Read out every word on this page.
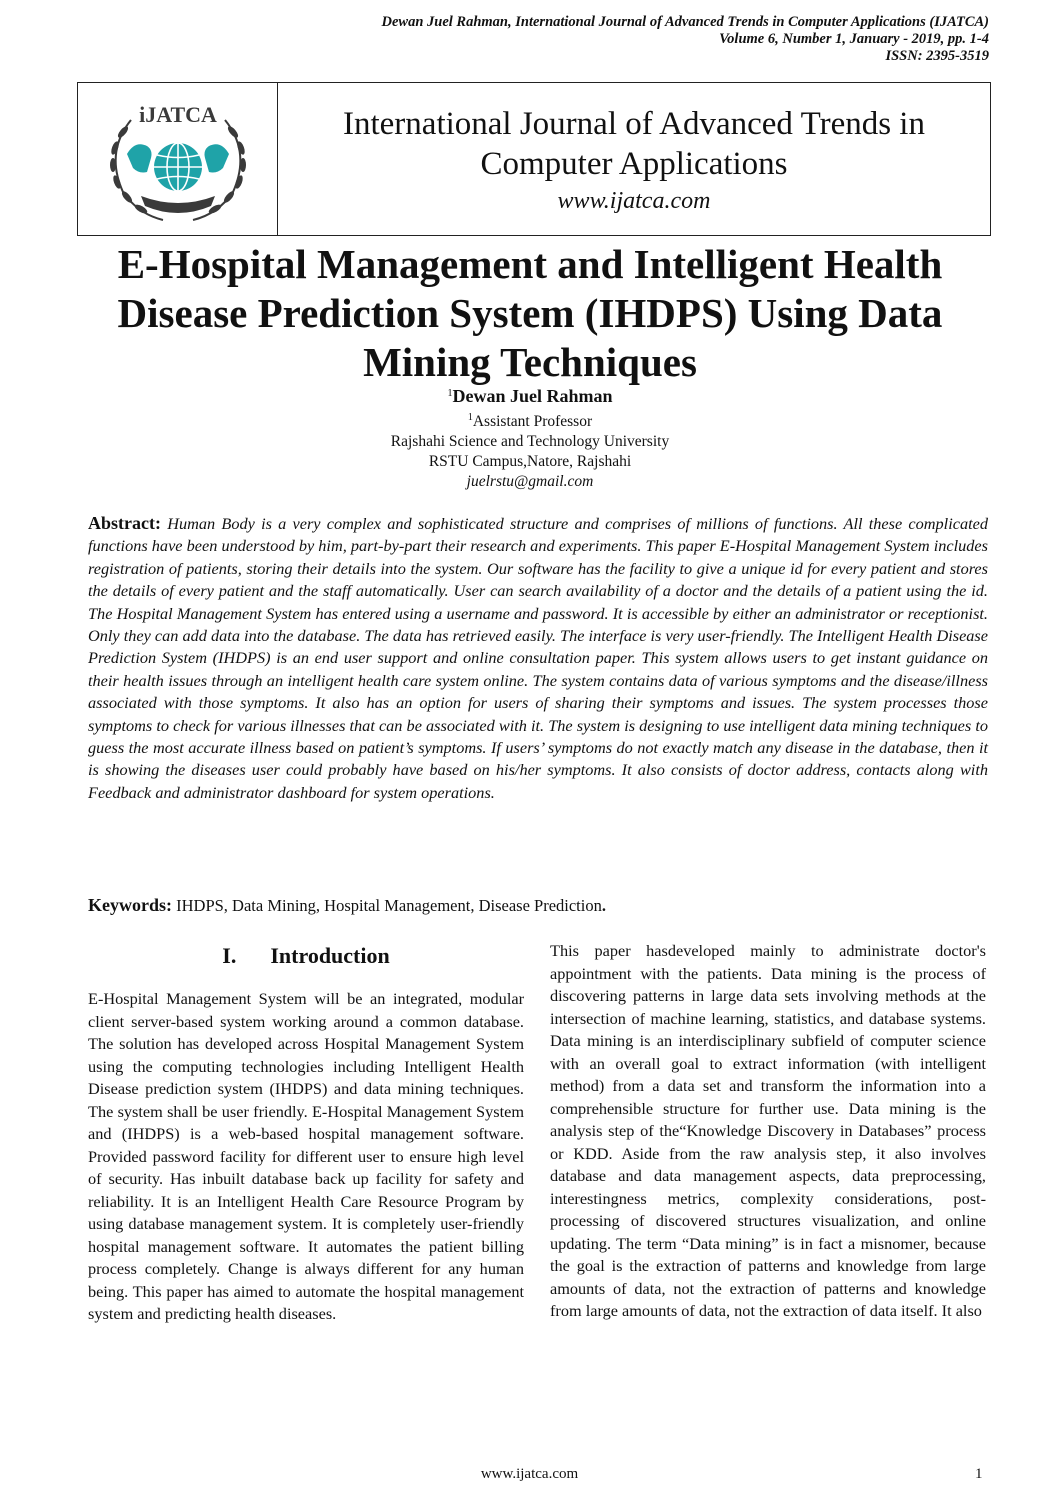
Dewan Juel Rahman, International Journal of Advanced Trends in Computer Applications (IJATCA)
Volume 6, Number 1, January - 2019, pp. 1-4
ISSN: 2395-3519
iJATCA	International Journal of Advanced Trends in Computer Applications
www.ijatca.com
E-Hospital Management and Intelligent Health Disease Prediction System (IHDPS) Using Data Mining Techniques
$^1$Dewan Juel Rahman
$^1$Assistant Professor
Rajshahi Science and Technology University
RSTU Campus,Natore, Rajshahi
juelrstu@gmail.com
Abstract: Human Body is a very complex and sophisticated structure and comprises of millions of functions. All these complicated functions have been understood by him, part-by-part their research and experiments. This paper E-Hospital Management System includes registration of patients, storing their details into the system. Our software has the facility to give a unique id for every patient and stores the details of every patient and the staff automatically. User can search availability of a doctor and the details of a patient using the id. The Hospital Management System has entered using a username and password. It is accessible by either an administrator or receptionist. Only they can add data into the database. The data has retrieved easily. The interface is very user-friendly. The Intelligent Health Disease Prediction System (IHDPS) is an end user support and online consultation paper. This system allows users to get instant guidance on their health issues through an intelligent health care system online. The system contains data of various symptoms and the disease/illness associated with those symptoms. It also has an option for users of sharing their symptoms and issues. The system processes those symptoms to check for various illnesses that can be associated with it. The system is designing to use intelligent data mining techniques to guess the most accurate illness based on patient’s symptoms. If users’ symptoms do not exactly match any disease in the database, then it is showing the diseases user could probably have based on his/her symptoms. It also consists of doctor address, contacts along with Feedback and administrator dashboard for system operations.
Keywords: IHDPS, Data Mining, Hospital Management, Disease Prediction.
I. Introduction
E-Hospital Management System will be an integrated, modular client server-based system working around a common database. The solution has developed across Hospital Management System using the computing technologies including Intelligent Health Disease prediction system (IHDPS) and data mining techniques. The system shall be user friendly. E-Hospital Management System and (IHDPS) is a web-based hospital management software. Provided password facility for different user to ensure high level of security. Has inbuilt database back up facility for safety and reliability. It is an Intelligent Health Care Resource Program by using database management system. It is completely user-friendly hospital management software. It automates the patient billing process completely. Change is always different for any human being. This paper has aimed to automate the hospital management system and predicting health diseases.
This paper hasdeveloped mainly to administrate doctor's appointment with the patients. Data mining is the process of discovering patterns in large data sets involving methods at the intersection of machine learning, statistics, and database systems. Data mining is an interdisciplinary subfield of computer science with an overall goal to extract information (with intelligent method) from a data set and transform the information into a comprehensible structure for further use. Data mining is the analysis step of the“Knowledge Discovery in Databases” process or KDD. Aside from the raw analysis step, it also involves database and data management aspects, data preprocessing, interestingness metrics, complexity considerations, post- processing of discovered structures visualization, and online updating. The term “Data mining” is in fact a misnomer, because the goal is the extraction of patterns and knowledge from large amounts of data, not the extraction of patterns and knowledge from large amounts of data, not the extraction of data itself. It also
www.ijatca.com	1
